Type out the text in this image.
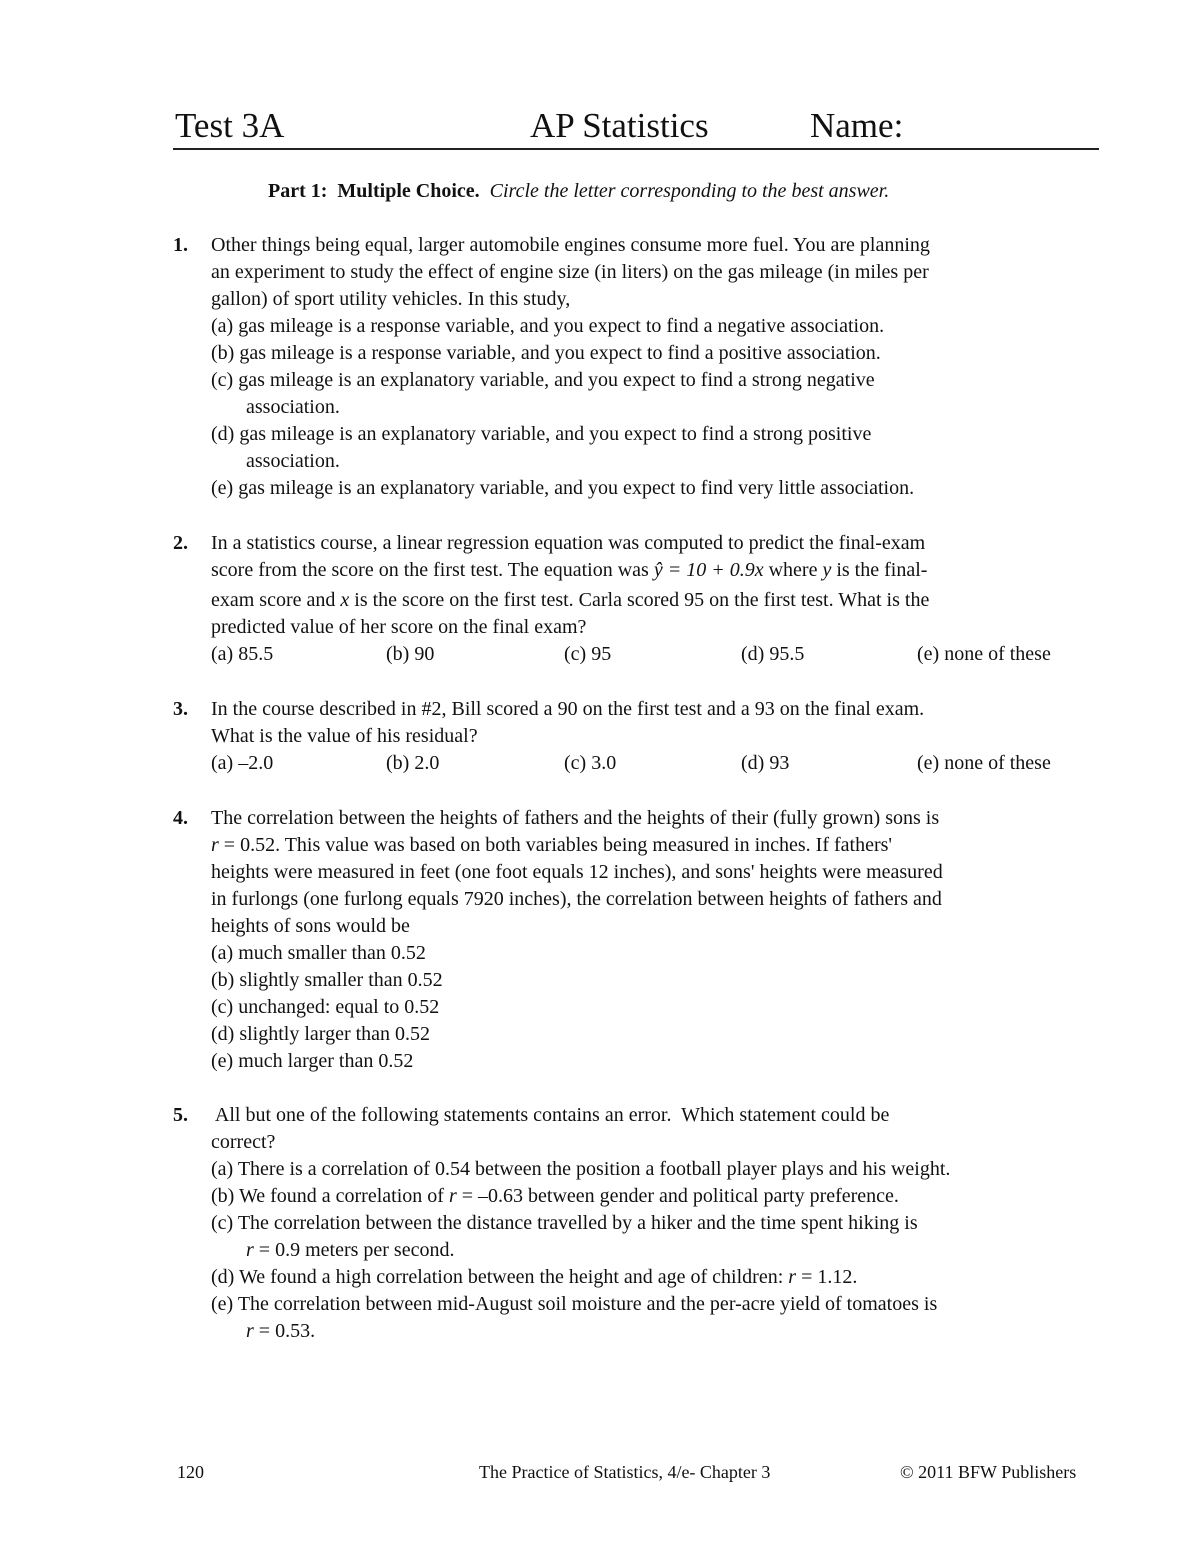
Test 3A	AP Statistics	Name:
Part 1: Multiple Choice. Circle the letter corresponding to the best answer.
1. Other things being equal, larger automobile engines consume more fuel. You are planning
an experiment to study the effect of engine size (in liters) on the gas mileage (in miles per
gallon) of sport utility vehicles. In this study,
(a) gas mileage is a response variable, and you expect to find a negative association.
(b) gas mileage is a response variable, and you expect to find a positive association.
(c) gas mileage is an explanatory variable, and you expect to find a strong negative
association.
(d) gas mileage is an explanatory variable, and you expect to find a strong positive
association.
(e) gas mileage is an explanatory variable, and you expect to find very little association.
2. In a statistics course, a linear regression equation was computed to predict the final-exam
score from the score on the first test. The equation was ŷ = 10 + 0.9x where y is the final-
exam score and x is the score on the first test. Carla scored 95 on the first test. What is the
predicted value of her score on the final exam?
(a) 85.5	(b) 90	(c) 95	(d) 95.5	(e) none of these
3. In the course described in #2, Bill scored a 90 on the first test and a 93 on the final exam.
What is the value of his residual?
(a) –2.0	(b) 2.0	(c) 3.0	(d) 93	(e) none of these
4. The correlation between the heights of fathers and the heights of their (fully grown) sons is
r = 0.52. This value was based on both variables being measured in inches. If fathers'
heights were measured in feet (one foot equals 12 inches), and sons' heights were measured
in furlongs (one furlong equals 7920 inches), the correlation between heights of fathers and
heights of sons would be
(a) much smaller than 0.52
(b) slightly smaller than 0.52
(c) unchanged: equal to 0.52
(d) slightly larger than 0.52
(e) much larger than 0.52
5. All but one of the following statements contains an error.  Which statement could be
correct?
(a) There is a correlation of 0.54 between the position a football player plays and his weight.
(b) We found a correlation of r = –0.63 between gender and political party preference.
(c) The correlation between the distance travelled by a hiker and the time spent hiking is
r = 0.9 meters per second.
(d) We found a high correlation between the height and age of children: r = 1.12.
(e) The correlation between mid-August soil moisture and the per-acre yield of tomatoes is
r = 0.53.
120	The Practice of Statistics, 4/e- Chapter 3	© 2011 BFW Publishers
